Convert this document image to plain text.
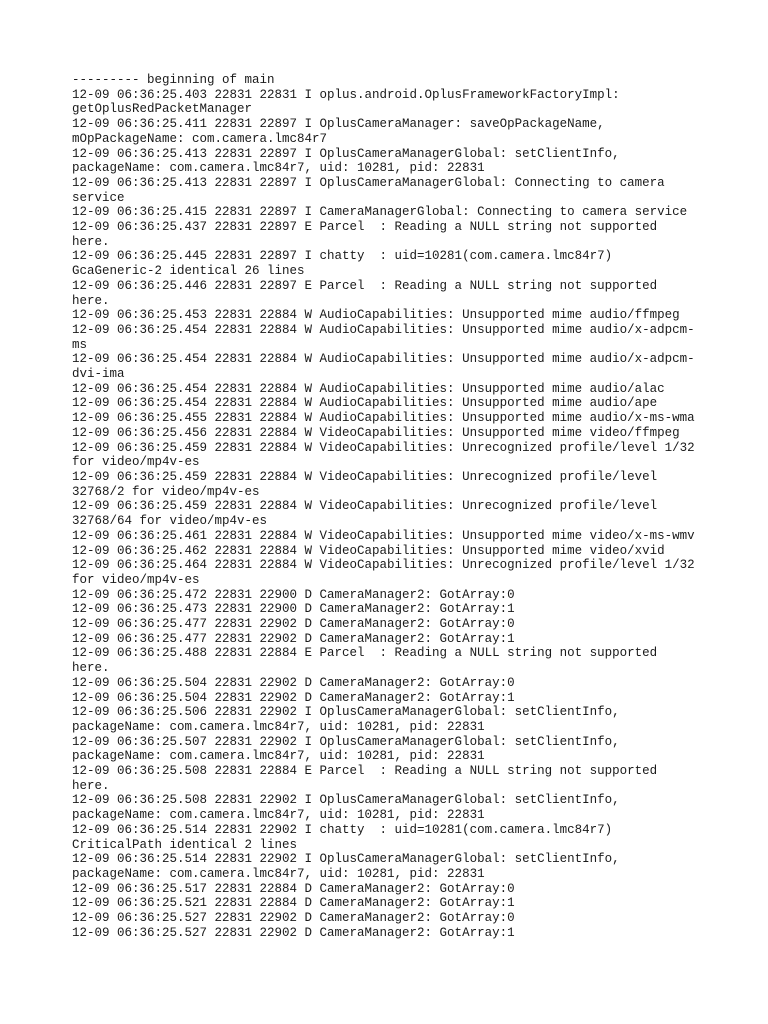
--------- beginning of main
12-09 06:36:25.403 22831 22831 I oplus.android.OplusFrameworkFactoryImpl:
getOplusRedPacketManager
12-09 06:36:25.411 22831 22897 I OplusCameraManager: saveOpPackageName,
mOpPackageName: com.camera.lmc84r7
12-09 06:36:25.413 22831 22897 I OplusCameraManagerGlobal: setClientInfo,
packageName: com.camera.lmc84r7, uid: 10281, pid: 22831
12-09 06:36:25.413 22831 22897 I OplusCameraManagerGlobal: Connecting to camera
service
12-09 06:36:25.415 22831 22897 I CameraManagerGlobal: Connecting to camera service
12-09 06:36:25.437 22831 22897 E Parcel  : Reading a NULL string not supported
here.
12-09 06:36:25.445 22831 22897 I chatty  : uid=10281(com.camera.lmc84r7)
GcaGeneric-2 identical 26 lines
12-09 06:36:25.446 22831 22897 E Parcel  : Reading a NULL string not supported
here.
12-09 06:36:25.453 22831 22884 W AudioCapabilities: Unsupported mime audio/ffmpeg
12-09 06:36:25.454 22831 22884 W AudioCapabilities: Unsupported mime audio/x-adpcm-
ms
12-09 06:36:25.454 22831 22884 W AudioCapabilities: Unsupported mime audio/x-adpcm-
dvi-ima
12-09 06:36:25.454 22831 22884 W AudioCapabilities: Unsupported mime audio/alac
12-09 06:36:25.454 22831 22884 W AudioCapabilities: Unsupported mime audio/ape
12-09 06:36:25.455 22831 22884 W AudioCapabilities: Unsupported mime audio/x-ms-wma
12-09 06:36:25.456 22831 22884 W VideoCapabilities: Unsupported mime video/ffmpeg
12-09 06:36:25.459 22831 22884 W VideoCapabilities: Unrecognized profile/level 1/32
for video/mp4v-es
12-09 06:36:25.459 22831 22884 W VideoCapabilities: Unrecognized profile/level
32768/2 for video/mp4v-es
12-09 06:36:25.459 22831 22884 W VideoCapabilities: Unrecognized profile/level
32768/64 for video/mp4v-es
12-09 06:36:25.461 22831 22884 W VideoCapabilities: Unsupported mime video/x-ms-wmv
12-09 06:36:25.462 22831 22884 W VideoCapabilities: Unsupported mime video/xvid
12-09 06:36:25.464 22831 22884 W VideoCapabilities: Unrecognized profile/level 1/32
for video/mp4v-es
12-09 06:36:25.472 22831 22900 D CameraManager2: GotArray:0
12-09 06:36:25.473 22831 22900 D CameraManager2: GotArray:1
12-09 06:36:25.477 22831 22902 D CameraManager2: GotArray:0
12-09 06:36:25.477 22831 22902 D CameraManager2: GotArray:1
12-09 06:36:25.488 22831 22884 E Parcel  : Reading a NULL string not supported
here.
12-09 06:36:25.504 22831 22902 D CameraManager2: GotArray:0
12-09 06:36:25.504 22831 22902 D CameraManager2: GotArray:1
12-09 06:36:25.506 22831 22902 I OplusCameraManagerGlobal: setClientInfo,
packageName: com.camera.lmc84r7, uid: 10281, pid: 22831
12-09 06:36:25.507 22831 22902 I OplusCameraManagerGlobal: setClientInfo,
packageName: com.camera.lmc84r7, uid: 10281, pid: 22831
12-09 06:36:25.508 22831 22884 E Parcel  : Reading a NULL string not supported
here.
12-09 06:36:25.508 22831 22902 I OplusCameraManagerGlobal: setClientInfo,
packageName: com.camera.lmc84r7, uid: 10281, pid: 22831
12-09 06:36:25.514 22831 22902 I chatty  : uid=10281(com.camera.lmc84r7)
CriticalPath identical 2 lines
12-09 06:36:25.514 22831 22902 I OplusCameraManagerGlobal: setClientInfo,
packageName: com.camera.lmc84r7, uid: 10281, pid: 22831
12-09 06:36:25.517 22831 22884 D CameraManager2: GotArray:0
12-09 06:36:25.521 22831 22884 D CameraManager2: GotArray:1
12-09 06:36:25.527 22831 22902 D CameraManager2: GotArray:0
12-09 06:36:25.527 22831 22902 D CameraManager2: GotArray:1
